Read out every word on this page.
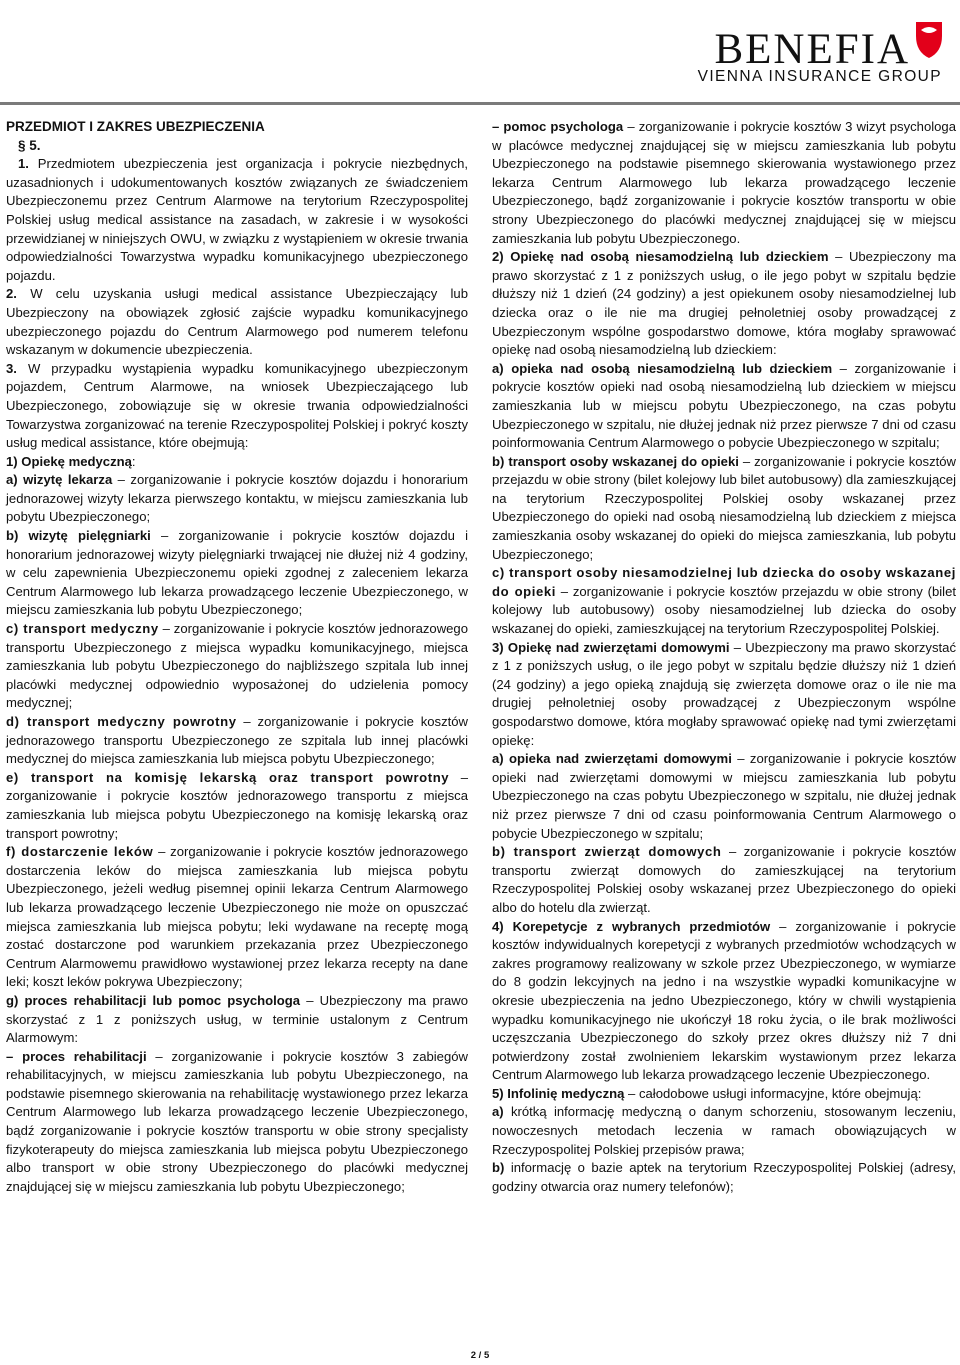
BENEFIA
VIENNA INSURANCE GROUP

PRZEDMIOT I ZAKRES UBEZPIECZENIA

§ 5.

1. Przedmiotem ubezpieczenia jest organizacja i pokrycie niezbędnych, uzasadnionych i udokumentowanych kosztów związanych ze świadczeniem Ubezpieczonemu przez Centrum Alarmowe na terytorium Rzeczypospolitej Polskiej usług medical assistance na zasadach, w zakresie i w wysokości przewidzianej w niniejszych OWU, w związku z wystąpieniem w okresie trwania odpowiedzialności Towarzystwa wypadku komunikacyjnego ubezpieczonego pojazdu.

2. W celu uzyskania usługi medical assistance Ubezpieczający lub Ubezpieczony na obowiązek zgłosić zajście wypadku komunikacyjnego ubezpieczonego pojazdu do Centrum Alarmowego pod numerem telefonu wskazanym w dokumencie ubezpieczenia.

3. W przypadku wystąpienia wypadku komunikacyjnego ubezpieczonym pojazdem, Centrum Alarmowe, na wniosek Ubezpieczającego lub Ubezpieczonego, zobowiązuje się w okresie trwania odpowiedzialności Towarzystwa zorganizować na terenie Rzeczypospolitej Polskiej i pokryć koszty usług medical assistance, które obejmują:

1) Opiekę medyczną:

a) wizytę lekarza – zorganizowanie i pokrycie kosztów dojazdu i honorarium jednorazowej wizyty lekarza pierwszego kontaktu, w miejscu zamieszkania lub pobytu Ubezpieczonego;

b) wizytę pielęgniarki – zorganizowanie i pokrycie kosztów dojazdu i honorarium jednorazowej wizyty pielęgniarki trwającej nie dłużej niż 4 godziny, w celu zapewnienia Ubezpieczonemu opieki zgodnej z zaleceniem lekarza Centrum Alarmowego lub lekarza prowadzącego leczenie Ubezpieczonego, w miejscu zamieszkania lub pobytu Ubezpieczonego;

c) transport medyczny – zorganizowanie i pokrycie kosztów jednorazowego transportu Ubezpieczonego z miejsca wypadku komunikacyjnego, miejsca zamieszkania lub pobytu Ubezpieczonego do najbliższego szpitala lub innej placówki medycznej odpowiednio wyposażonej do udzielenia pomocy medycznej;

d) transport medyczny powrotny – zorganizowanie i pokrycie kosztów jednorazowego transportu Ubezpieczonego ze szpitala lub innej placówki medycznej do miejsca zamieszkania lub miejsca pobytu Ubezpieczonego;

e) transport na komisję lekarską oraz transport powrotny – zorganizowanie i pokrycie kosztów jednorazowego transportu z miejsca zamieszkania lub miejsca pobytu Ubezpieczonego na komisję lekarską oraz transport powrotny;

f) dostarczenie leków – zorganizowanie i pokrycie kosztów jednorazowego dostarczenia leków do miejsca zamieszkania lub miejsca pobytu Ubezpieczonego, jeżeli według pisemnej opinii lekarza Centrum Alarmowego lub lekarza prowadzącego leczenie Ubezpieczonego nie może on opuszczać miejsca zamieszkania lub miejsca pobytu; leki wydawane na receptę mogą zostać dostarczone pod warunkiem przekazania przez Ubezpieczonego Centrum Alarmowemu prawidłowo wystawionej przez lekarza recepty na dane leki; koszt leków pokrywa Ubezpieczony;

g) proces rehabilitacji lub pomoc psychologa – Ubezpieczony ma prawo skorzystać z 1 z poniższych usług, w terminie ustalonym z Centrum Alarmowym:

– proces rehabilitacji – zorganizowanie i pokrycie kosztów 3 zabiegów rehabilitacyjnych, w miejscu zamieszkania lub pobytu Ubezpieczonego, na podstawie pisemnego skierowania na rehabilitację wystawionego przez lekarza Centrum Alarmowego lub lekarza prowadzącego leczenie Ubezpieczonego, bądź zorganizowanie i pokrycie kosztów transportu w obie strony specjalisty fizykoterapeuty do miejsca zamieszkania lub miejsca pobytu Ubezpieczonego albo transport w obie strony Ubezpieczonego do placówki medycznej znajdującej się w miejscu zamieszkania lub pobytu Ubezpieczonego;

– pomoc psychologa – zorganizowanie i pokrycie kosztów 3 wizyt psychologa w placówce medycznej znajdującej się w miejscu zamieszkania lub pobytu Ubezpieczonego na podstawie pisemnego skierowania wystawionego przez lekarza Centrum Alarmowego lub lekarza prowadzącego leczenie Ubezpieczonego, bądź zorganizowanie i pokrycie kosztów transportu w obie strony Ubezpieczonego do placówki medycznej znajdującej się w miejscu zamieszkania lub pobytu Ubezpieczonego.

2) Opiekę nad osobą niesamodzielną lub dzieckiem – Ubezpieczony ma prawo skorzystać z 1 z poniższych usług, o ile jego pobyt w szpitalu będzie dłuższy niż 1 dzień (24 godziny) a jest opiekunem osoby niesamodzielnej lub dziecka oraz o ile nie ma drugiej pełnoletniej osoby prowadzącej z Ubezpieczonym wspólne gospodarstwo domowe, która mogłaby sprawować opiekę nad osobą niesamodzielną lub dzieckiem:

a) opieka nad osobą niesamodzielną lub dzieckiem – zorganizowanie i pokrycie kosztów opieki nad osobą niesamodzielną lub dzieckiem w miejscu zamieszkania lub w miejscu pobytu Ubezpieczonego, na czas pobytu Ubezpieczonego w szpitalu, nie dłużej jednak niż przez pierwsze 7 dni od czasu poinformowania Centrum Alarmowego o pobycie Ubezpieczonego w szpitalu;

b) transport osoby wskazanej do opieki – zorganizowanie i pokrycie kosztów przejazdu w obie strony (bilet kolejowy lub bilet autobusowy) dla zamieszkującej na terytorium Rzeczypospolitej Polskiej osoby wskazanej przez Ubezpieczonego do opieki nad osobą niesamodzielną lub dzieckiem z miejsca zamieszkania osoby wskazanej do opieki do miejsca zamieszkania, lub pobytu Ubezpieczonego;

c) transport osoby niesamodzielnej lub dziecka do osoby wskazanej do opieki – zorganizowanie i pokrycie kosztów przejazdu w obie strony (bilet kolejowy lub autobusowy) osoby niesamodzielnej lub dziecka do osoby wskazanej do opieki, zamieszkującej na terytorium Rzeczypospolitej Polskiej.

3) Opiekę nad zwierzętami domowymi – Ubezpieczony ma prawo skorzystać z 1 z poniższych usług, o ile jego pobyt w szpitalu będzie dłuższy niż 1 dzień (24 godziny) a jego opieką znajdują się zwierzęta domowe oraz o ile nie ma drugiej pełnoletniej osoby prowadzącej z Ubezpieczonym wspólne gospodarstwo domowe, która mogłaby sprawować opiekę nad tymi zwierzętami opiekę:

a) opieka nad zwierzętami domowymi – zorganizowanie i pokrycie kosztów opieki nad zwierzętami domowymi w miejscu zamieszkania lub pobytu Ubezpieczonego na czas pobytu Ubezpieczonego w szpitalu, nie dłużej jednak niż przez pierwsze 7 dni od czasu poinformowania Centrum Alarmowego o pobycie Ubezpieczonego w szpitalu;

b) transport zwierząt domowych – zorganizowanie i pokrycie kosztów transportu zwierząt domowych do zamieszkującej na terytorium Rzeczypospolitej Polskiej osoby wskazanej przez Ubezpieczonego do opieki albo do hotelu dla zwierząt.

4) Korepetycje z wybranych przedmiotów – zorganizowanie i pokrycie kosztów indywidualnych korepetycji z wybranych przedmiotów wchodzących w zakres programowy realizowany w szkole przez Ubezpieczonego, w wymiarze do 8 godzin lekcyjnych na jedno i na wszystkie wypadki komunikacyjne w okresie ubezpieczenia na jedno Ubezpieczonego, który w chwili wystąpienia wypadku komunikacyjnego nie ukończył 18 roku życia, o ile brak możliwości uczęszczania Ubezpieczonego do szkoły przez okres dłuższy niż 7 dni potwierdzony został zwolnieniem lekarskim wystawionym przez lekarza Centrum Alarmowego lub lekarza prowadzącego leczenie Ubezpieczonego.

5) Infolinię medyczną – całodobowe usługi informacyjne, które obejmują:

a) krótką informację medyczną o danym schorzeniu, stosowanym leczeniu, nowoczesnych metodach leczenia w ramach obowiązujących w Rzeczypospolitej Polskiej przepisów prawa;

b) informację o bazie aptek na terytorium Rzeczypospolitej Polskiej (adresy, godziny otwarcia oraz numery telefonów);

2 / 5
